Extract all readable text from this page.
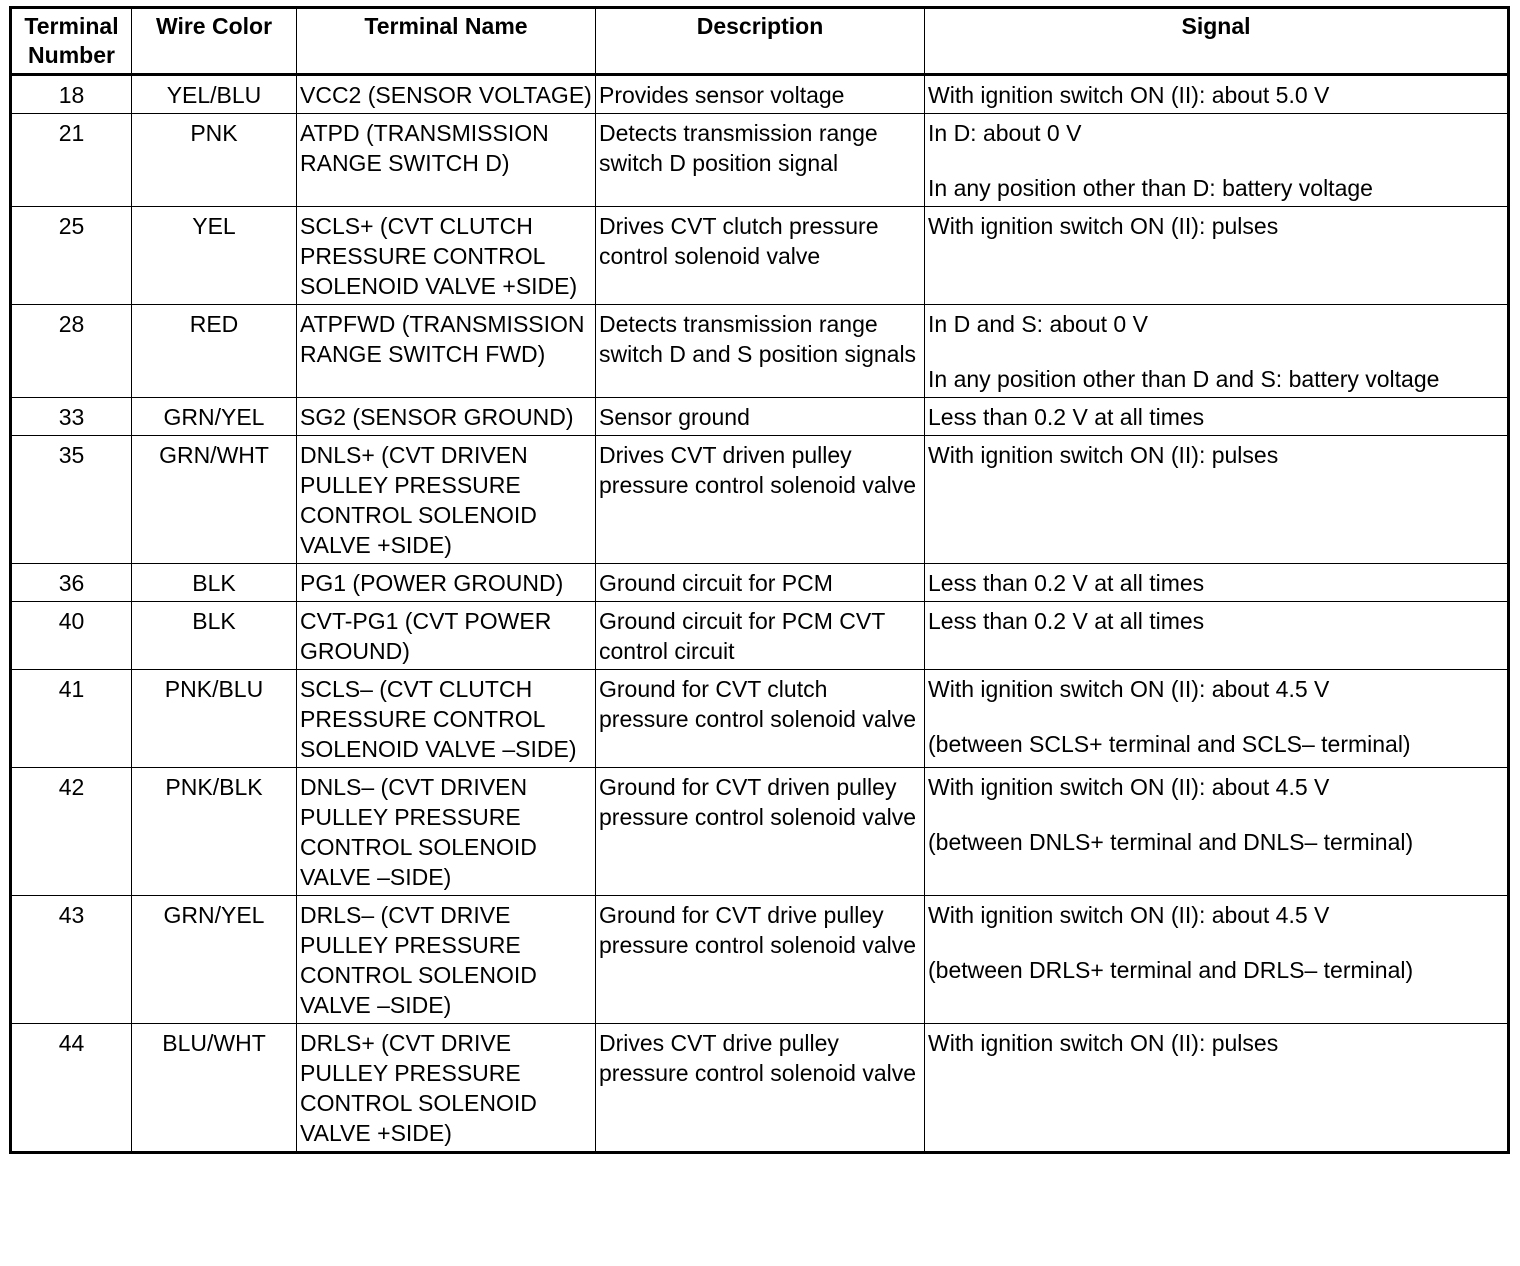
Terminal
Number	Wire Color	Terminal Name	Description	Signal
18	YEL/BLU	VCC2 (SENSOR VOLTAGE)	Provides sensor voltage	With ignition switch ON (II): about 5.0 V

21	PNK	ATPD (TRANSMISSION RANGE SWITCH D)	Detects transmission range switch D position signal	In D: about 0 V
In any position other than D: battery voltage

25	YEL	SCLS+ (CVT CLUTCH PRESSURE CONTROL SOLENOID VALVE +SIDE)	Drives CVT clutch pressure control solenoid valve	With ignition switch ON (II): pulses

28	RED	ATPFWD (TRANSMISSION RANGE SWITCH FWD)	Detects transmission range switch D and S position signals	In D and S: about 0 V
In any position other than D and S: battery voltage

33	GRN/YEL	SG2 (SENSOR GROUND)	Sensor ground	Less than 0.2 V at all times

35	GRN/WHT	DNLS+ (CVT DRIVEN PULLEY PRESSURE CONTROL SOLENOID VALVE +SIDE)	Drives CVT driven pulley pressure control solenoid valve	With ignition switch ON (II): pulses

36	BLK	PG1 (POWER GROUND)	Ground circuit for PCM	Less than 0.2 V at all times

40	BLK	CVT-PG1 (CVT POWER GROUND)	Ground circuit for PCM CVT control circuit	Less than 0.2 V at all times

41	PNK/BLU	SCLS– (CVT CLUTCH PRESSURE CONTROL SOLENOID VALVE –SIDE)	Ground for CVT clutch pressure control solenoid valve	With ignition switch ON (II): about 4.5 V
(between SCLS+ terminal and SCLS– terminal)

42	PNK/BLK	DNLS– (CVT DRIVEN PULLEY PRESSURE CONTROL SOLENOID VALVE –SIDE)	Ground for CVT driven pulley pressure control solenoid valve	With ignition switch ON (II): about 4.5 V
(between DNLS+ terminal and DNLS– terminal)

43	GRN/YEL	DRLS– (CVT DRIVE PULLEY PRESSURE CONTROL SOLENOID VALVE –SIDE)	Ground for CVT drive pulley pressure control solenoid valve	With ignition switch ON (II): about 4.5 V
(between DRLS+ terminal and DRLS– terminal)

44	BLU/WHT	DRLS+ (CVT DRIVE PULLEY PRESSURE CONTROL SOLENOID VALVE +SIDE)	Drives CVT drive pulley pressure control solenoid valve	With ignition switch ON (II): pulses
